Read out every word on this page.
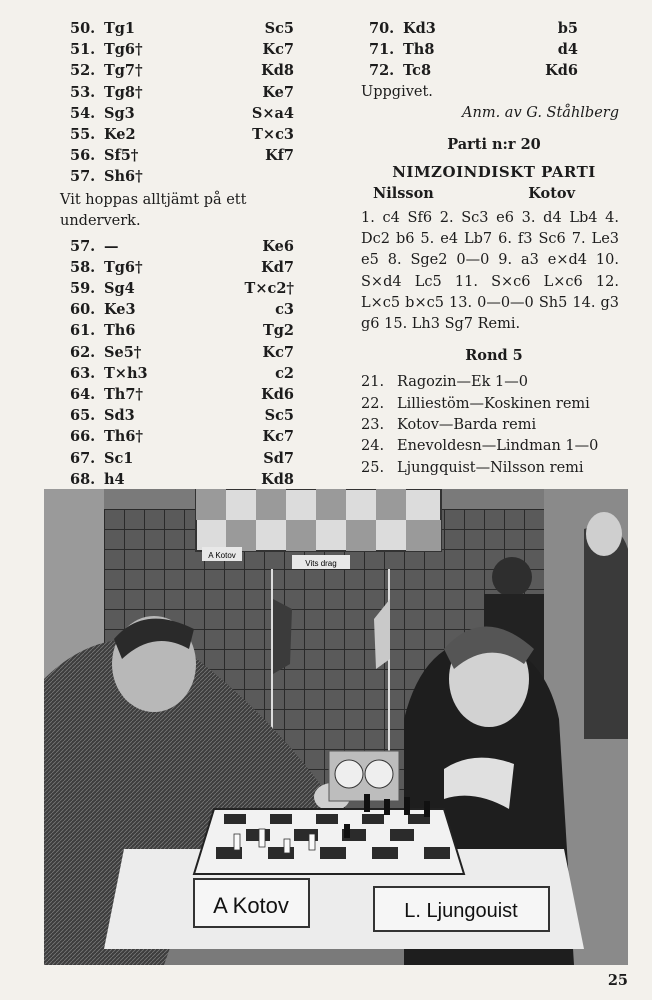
50.	Tg1	Sc5
51.	Tg6†	Kc7
52.	Tg7†	Kd8
53.	Tg8†	Ke7
54.	Sg3	S×a4
55.	Ke2	T×c3
56.	Sf5†	Kf7
57.	Sh6†	

Vit hoppas alltjämt på ett underverk.

57.	—	Ke6
58.	Tg6†	Kd7
59.	Sg4	T×c2†
60.	Ke3	c3
61.	Th6	Tg2
62.	Se5†	Kc7
63.	T×h3	c2
64.	Th7†	Kd6
65.	Sd3	Sc5
66.	Th6†	Kc7
67.	Sc1	Sd7
68.	h4	Kd8

70.	Kd3	b5
71.	Th8	d4
72.	Tc8	Kd6

Uppgivet.

Anm. av G. Ståhlberg

Parti n:r 20
NIMZOINDISKT PARTI
Nilsson	Kotov

1. c4 Sf6 2. Sc3 e6 3. d4 Lb4 4. Dc2 b6 5. e4 Lb7 6. f3 Sc6 7. Le3 e5 8. Sge2 0—0 9. a3 e×d4 10. S×d4 Lc5 11. S×c6 L×c6 12. L×c5 b×c5 13. 0—0—0 Sh5 14. g3 g6 15. Lh3 Sg7 Remi.

Rond 5
21. Ragozin—Ek 1—0
22. Lilliestöm—Koskinen remi
23. Kotov—Barda remi
24. Enevoldesn—Lindman 1—0
25. Ljungquist—Nilsson remi
A Kotov
Vits drag
A Kotov	L. Ljungouist
25
